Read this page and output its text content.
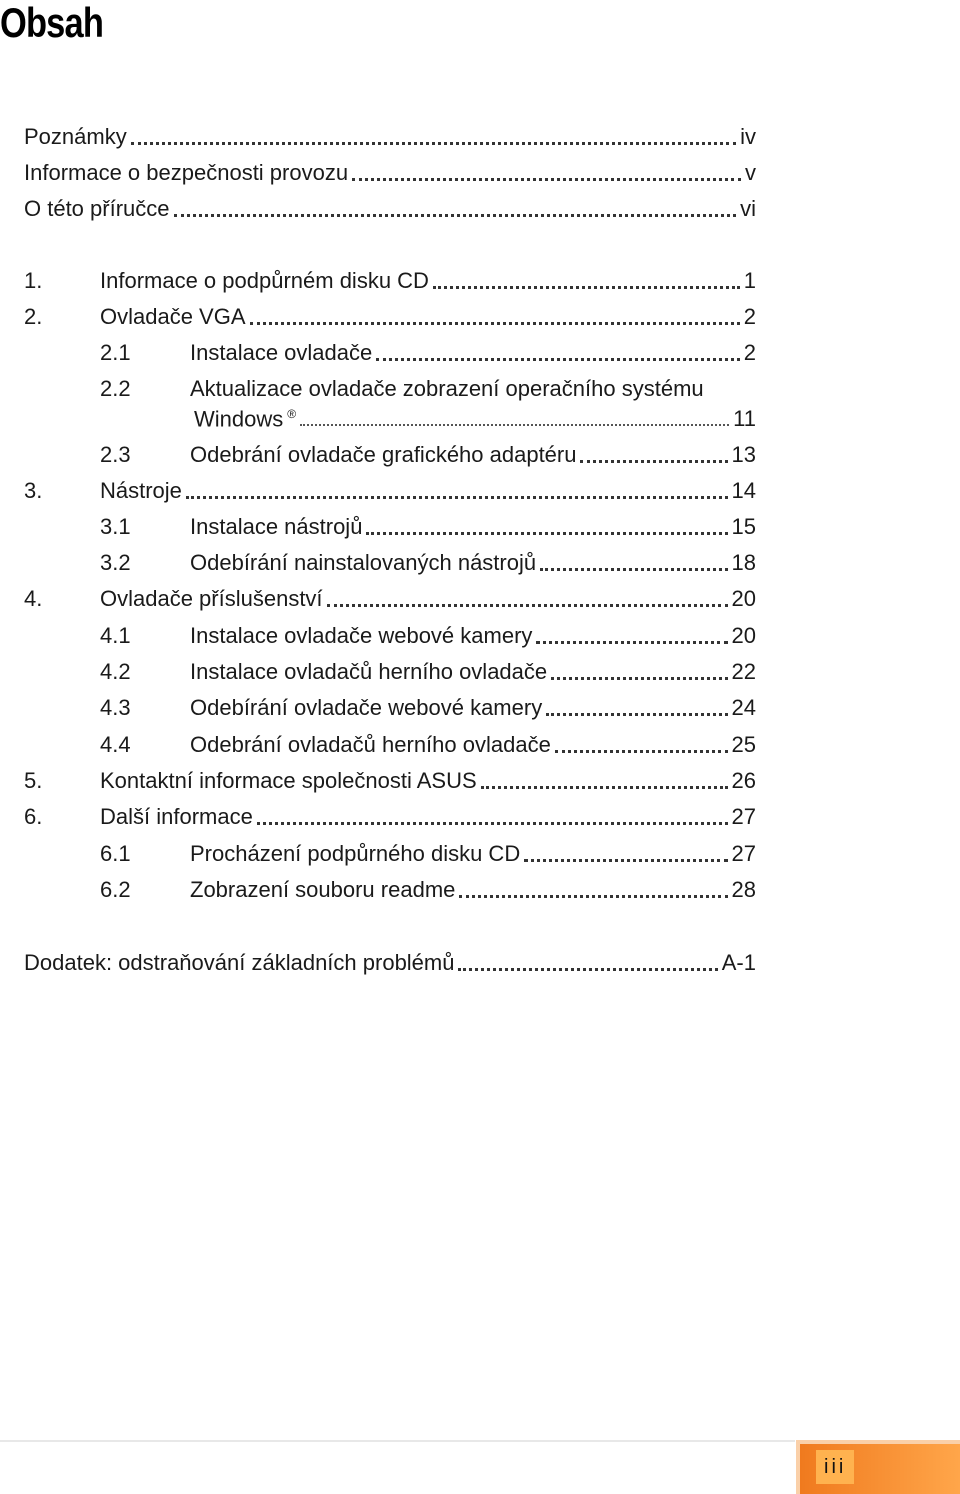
Obsah
Poznámky	iv
Informace o bezpečnosti provozu	v
O této příručce	vi
1.	Informace o podpůrném disku CD	1
2.	Ovladače VGA	2
2.1	Instalace ovladače	2
2.2	Aktualizace ovladače zobrazení operačního systému
Windows ®	11
2.3	Odebrání ovladače grafického adaptéru	13
3.	Nástroje	14
3.1	Instalace nástrojů	15
3.2	Odebírání nainstalovaných nástrojů	18
4.	Ovladače příslušenství	20
4.1	Instalace ovladače webové kamery	20
4.2	Instalace ovladačů herního ovladače	22
4.3	Odebírání ovladače webové kamery	24
4.4	Odebrání ovladačů herního ovladače	25
5.	Kontaktní informace společnosti ASUS	26
6.	Další informace	27
6.1	Procházení podpůrného disku CD	27
6.2	Zobrazení souboru readme	28
Dodatek: odstraňování základních problémů	A-1
iii
